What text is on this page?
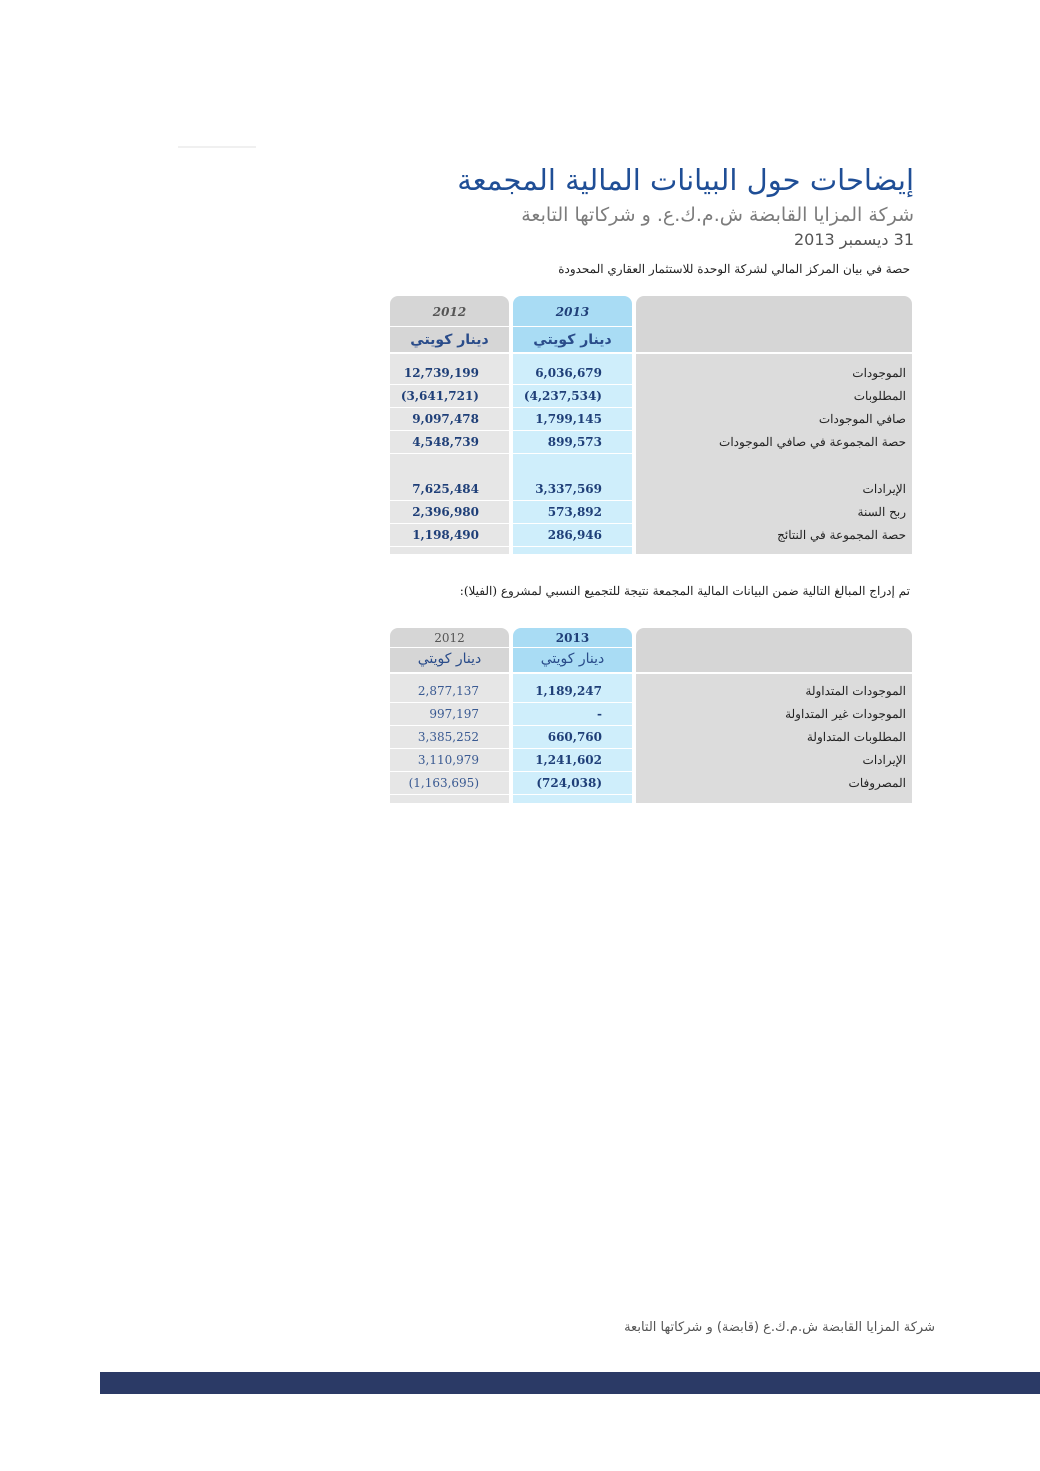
إيضاحات حول البيانات المالية المجمعة
شركة المزايا القابضة ش.م.ك.ع. و شركاتها التابعة
31 ديسمبر 2013
حصة في بيان المركز المالي لشركة الوحدة للاستثمار العقاري المحدودة
2012
دينار كويتي
2013
دينار كويتي
12,739,199	6,036,679	الموجودات
(3,641,721)	(4,237,534)	المطلوبات
9,097,478	1,799,145	صافي الموجودات
4,548,739	899,573	حصة المجموعة في صافي الموجودات
7,625,484	3,337,569	الإيرادات
2,396,980	573,892	ربح السنة
1,198,490	286,946	حصة المجموعة في النتائج
تم إدراج المبالغ التالية ضمن البيانات المالية المجمعة نتيجة للتجميع النسبي لمشروع (الفيلا):
2012
دينار كويتي
2013
دينار كويتي
2,877,137	1,189,247	الموجودات المتداولة
997,197	-	الموجودات غير المتداولة
3,385,252	660,760	المطلوبات المتداولة
3,110,979	1,241,602	الإيرادات
(1,163,695)	(724,038)	المصروفات
شركة المزايا القابضة ش.م.ك.ع (قابضة) و شركاتها التابعة
